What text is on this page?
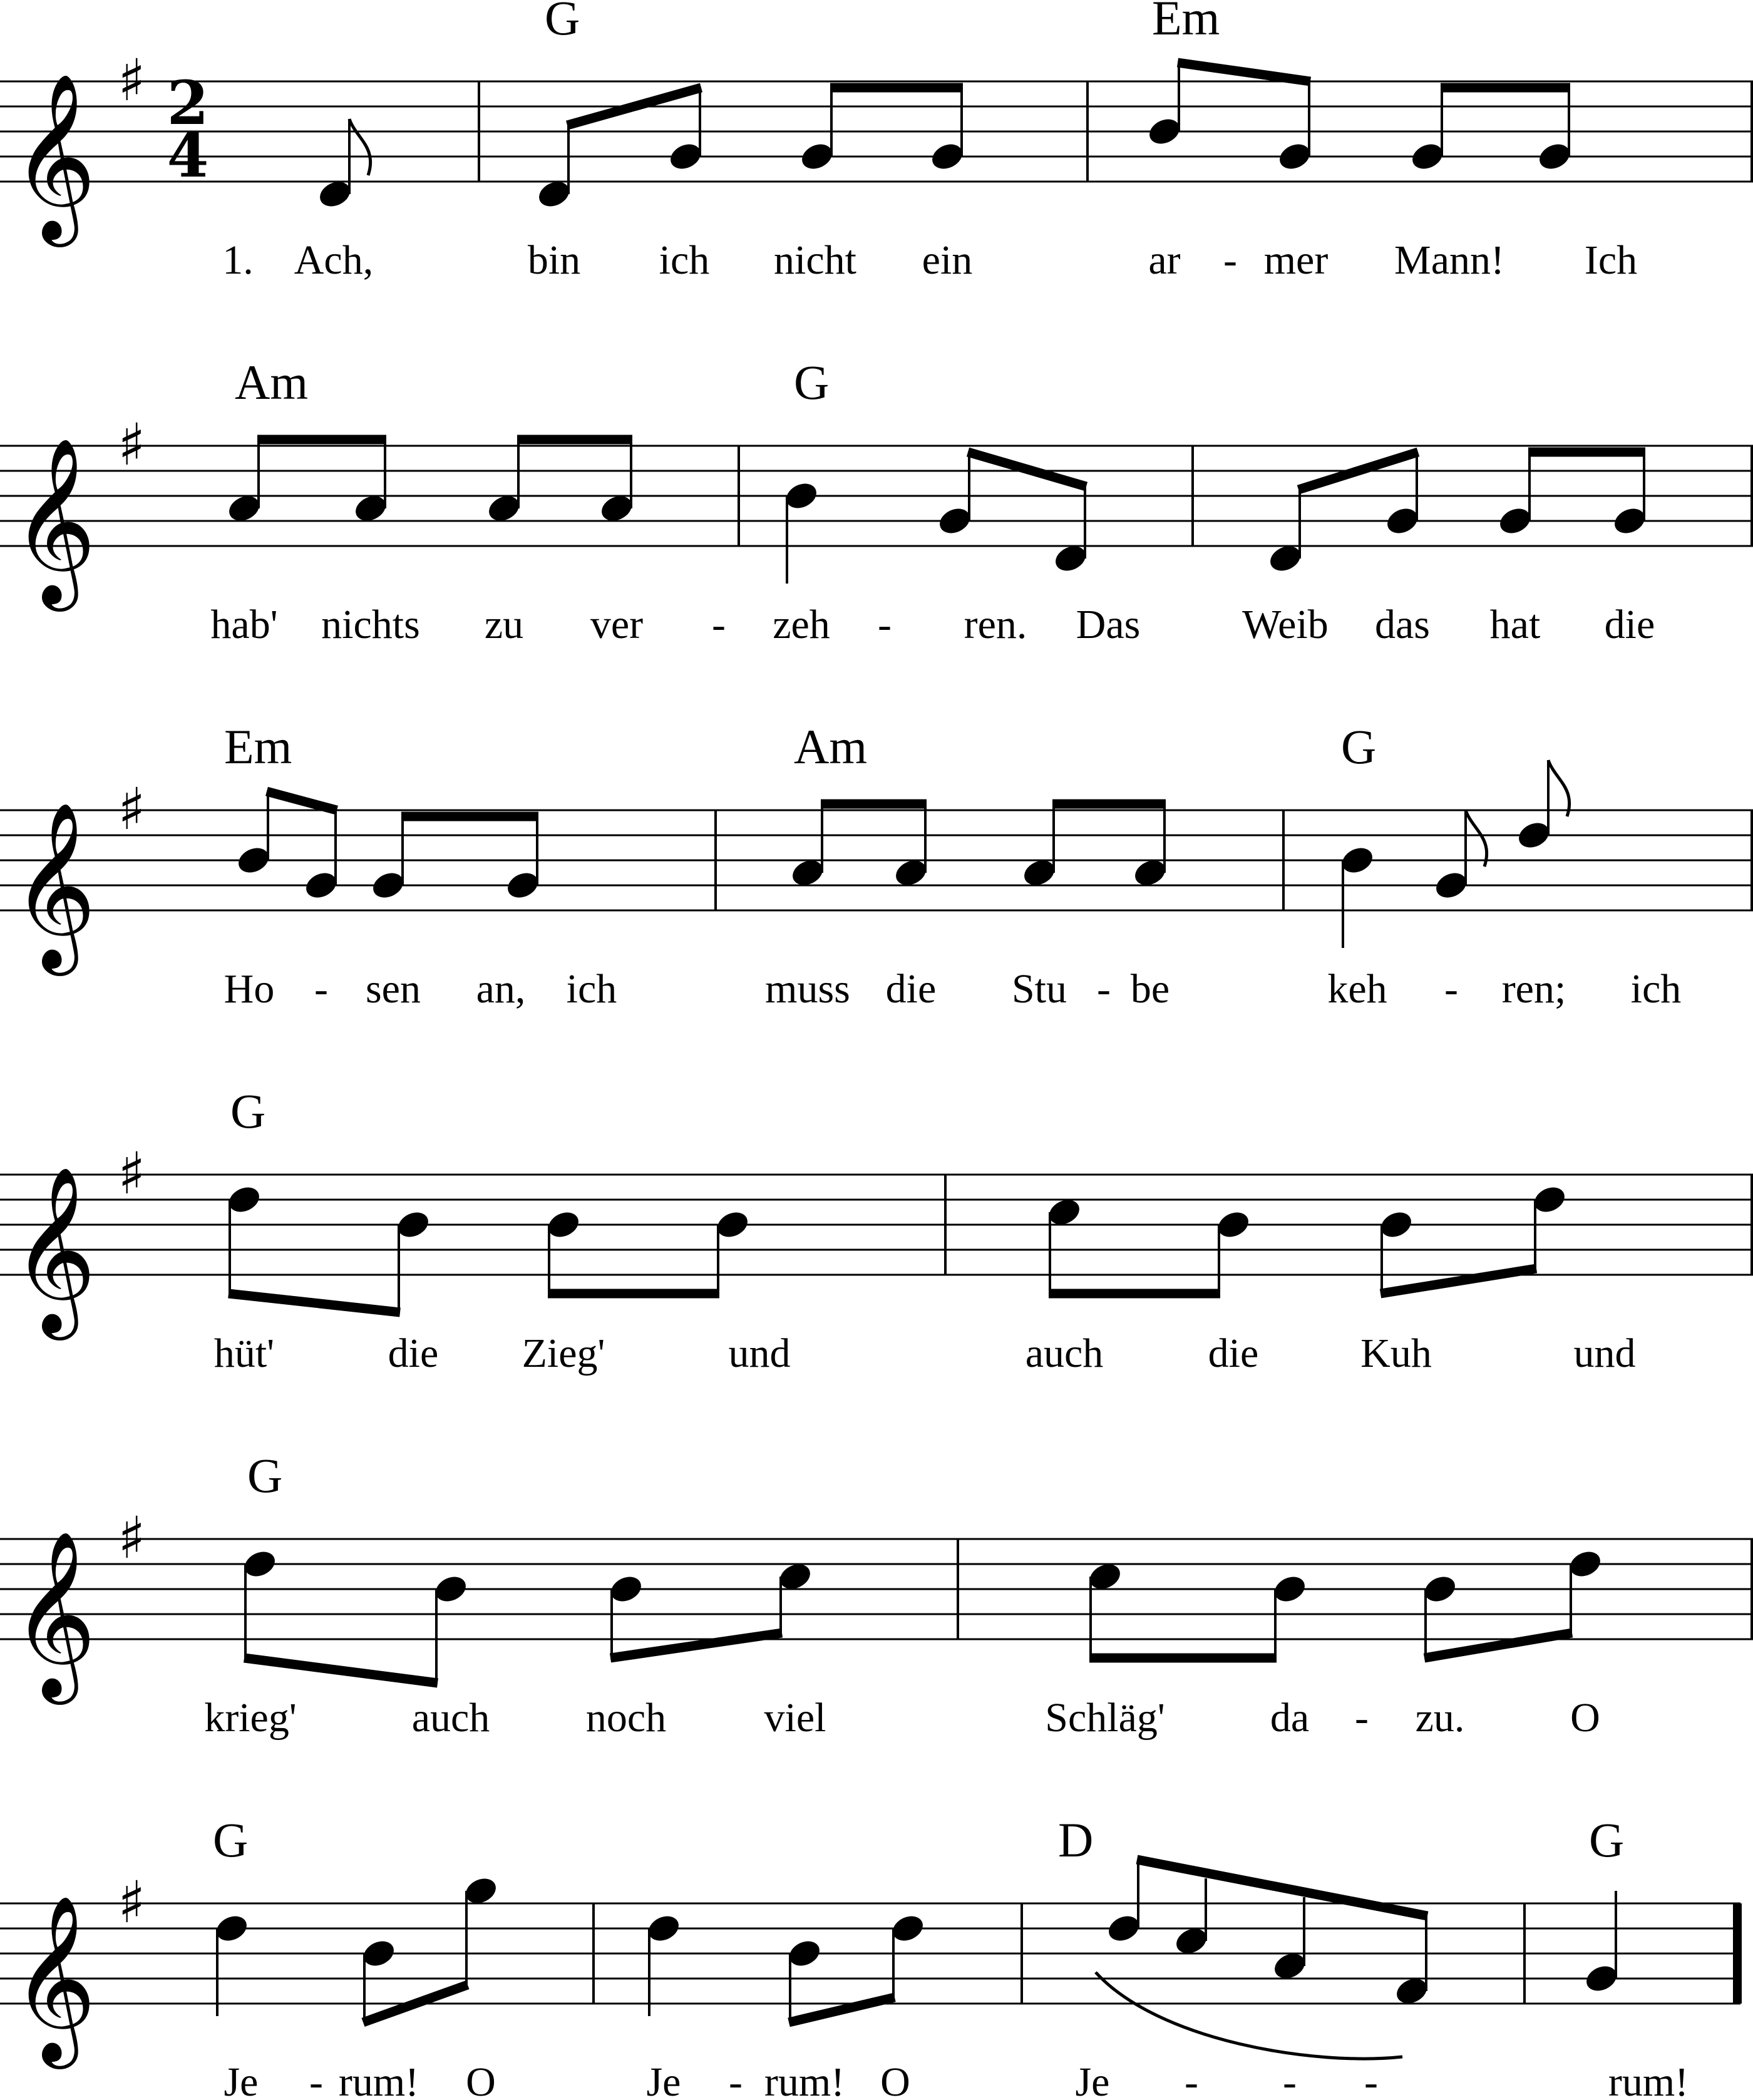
𝄞 ♯
𝄞 ♯
𝄞 ♯
𝄞 ♯
𝄞 ♯
𝄞 ♯
2
4
G	Em
1. Ach,	bin ich nicht ein	ar - mer Mann! Ich
Am	G
hab' nichts zu ver - zeh - ren. Das Weib das hat die
Em	Am	G
Ho - sen an, ich	muss die Stu - be	keh - ren; ich
G
hüt'	die Zieg'	und	auch	die Kuh	und
G
krieg'	auch noch viel	Schläg'	da - zu.	O
G	D	G
Je - rum! O	Je - rum! O	Je - - -	rum!
